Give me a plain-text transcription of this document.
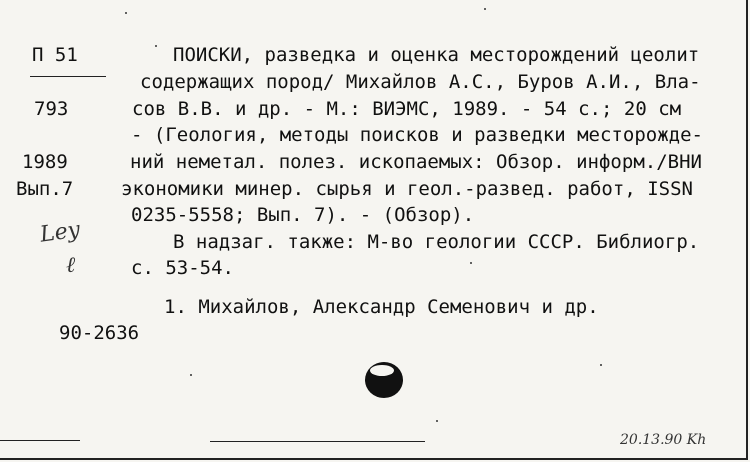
П 51
793
1989
Вып.7
Ley
ℓ
ПОИСКИ, разведка и оценка месторождений цеолит
содержащих пород/ Михайлов А.С., Буров А.И., Вла-
сов В.В. и др. - М.: ВИЭМС, 1989. - 54 с.; 20 см
- (Геология, методы поисков и разведки месторожде-
ний неметал. полез. ископаемых: Обзор. информ./ВНИ
экономики минер. сырья и геол.-развед. работ, ISSN
0235-5558; Вып. 7). - (Обзор).
В надзаг. также: М-во геологии СССР. Библиогр.
с. 53-54.
1. Михайлов, Александр Семенович и др.
90-2636
20.13.90 Kh
